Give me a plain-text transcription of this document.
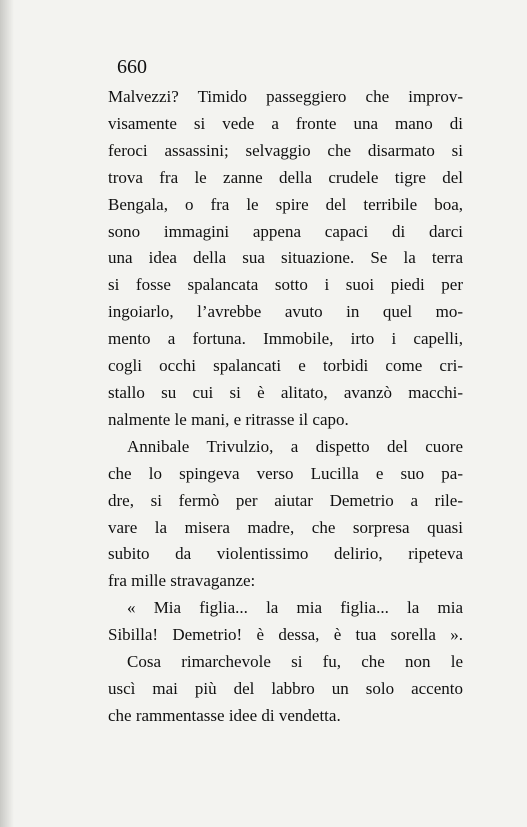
660
Malvezzi? Timido passeggiero che improv-
visamente si vede a fronte una mano di
feroci assassini; selvaggio che disarmato si
trova fra le zanne della crudele tigre del
Bengala, o fra le spire del terribile boa,
sono immagini appena capaci di darci
una idea della sua situazione. Se la terra
si fosse spalancata sotto i suoi piedi per
ingoiarlo, l’avrebbe avuto in quel mo-
mento a fortuna. Immobile, irto i capelli,
cogli occhi spalancati e torbidi come cri-
stallo su cui si è alitato, avanzò macchi-
nalmente le mani, e ritrasse il capo.
Annibale Trivulzio, a dispetto del cuore
che lo spingeva verso Lucilla e suo pa-
dre, si fermò per aiutar Demetrio a rile-
vare la misera madre, che sorpresa quasi
subito da violentissimo delirio, ripeteva
fra mille stravaganze:
« Mia figlia... la mia figlia... la mia
Sibilla! Demetrio! è dessa, è tua sorella ».
Cosa rimarchevole si fu, che non le
uscì mai più del labbro un solo accento
che rammentasse idee di vendetta.
